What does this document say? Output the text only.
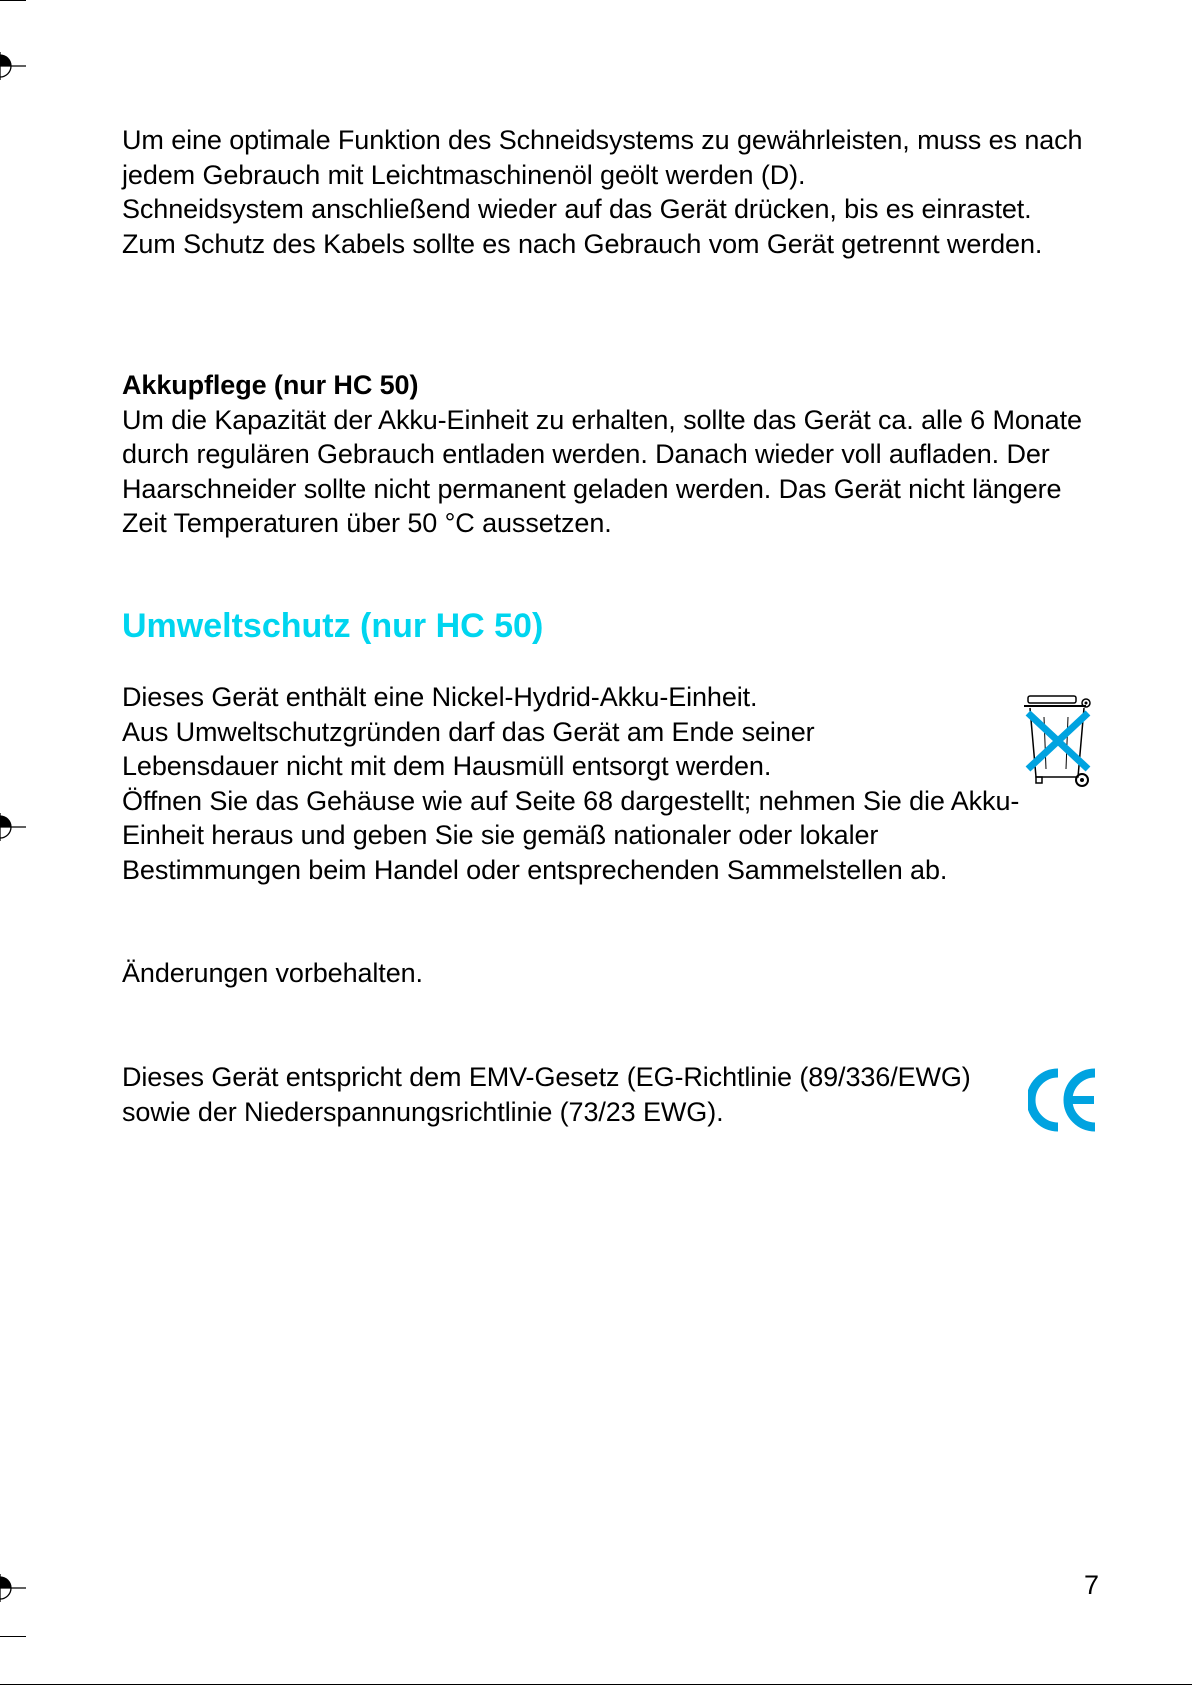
Um eine optimale Funktion des Schneidsystems zu gewährleisten, muss es nach jedem Gebrauch mit Leichtmaschinenöl geölt werden (D).

Schneidsystem anschließend wieder auf das Gerät drücken, bis es einrastet.

Zum Schutz des Kabels sollte es nach Gebrauch vom Gerät getrennt werden.

Akkupflege (nur HC 50)

Um die Kapazität der Akku-Einheit zu erhalten, sollte das Gerät ca. alle 6 Monate durch regulären Gebrauch entladen werden. Danach wieder voll aufladen. Der Haarschneider sollte nicht permanent geladen werden. Das Gerät nicht längere Zeit Temperaturen über 50 °C aussetzen.

Umweltschutz (nur HC 50)

Dieses Gerät enthält eine Nickel-Hydrid-Akku-Einheit.

Aus Umweltschutzgründen darf das Gerät am Ende seiner Lebensdauer nicht mit dem Hausmüll entsorgt werden.

Öffnen Sie das Gehäuse wie auf Seite 68 dargestellt; nehmen Sie die Akku-Einheit heraus und geben Sie sie gemäß nationaler oder lokaler Bestimmungen beim Handel oder entsprechenden Sammelstellen ab.

Änderungen vorbehalten.
Dieses Gerät entspricht dem EMV-Gesetz (EG-Richtlinie (89/336/EWG) sowie der Niederspannungsrichtlinie (73/23 EWG).
7
